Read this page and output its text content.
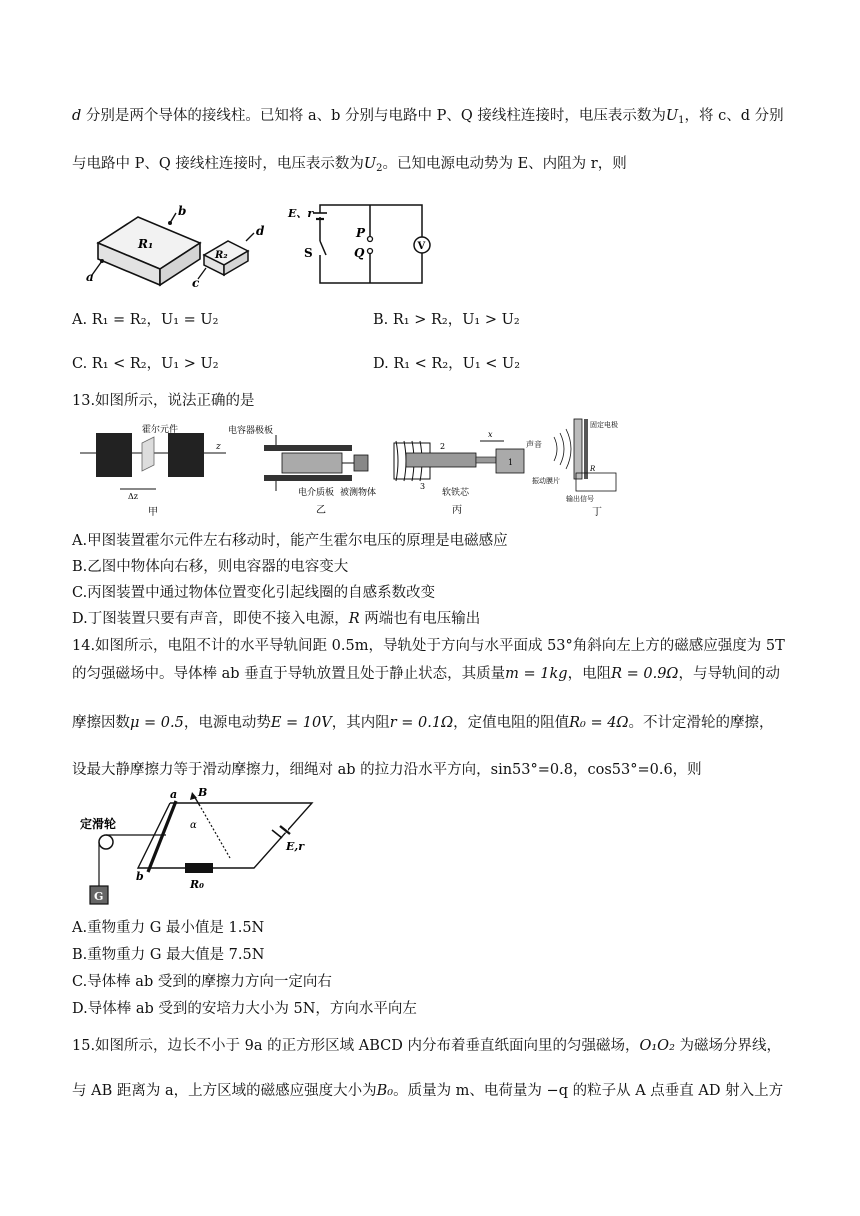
d 分别是两个导体的接线柱。已知将 a、b 分别与电路中 P、Q 接线柱连接时，电压表示数为$U_1$，将 c、d 分别
与电路中 P、Q 接线柱连接时，电压表示数为$U_2$。已知电源电动势为 E、内阻为 r，则
R₁
a
b
R₂
c
d
E、r
S
P
Q	V
A. R₁ = R₂，U₁ = U₂	B. R₁ > R₂，U₁ > U₂
C. R₁ < R₂，U₁ > U₂	D. R₁ < R₂，U₁ < U₂
13.如图所示，说法正确的是
霍尔元件
z
Δz
甲
电容器极板
电介质板 被测物体
乙
1
2
3
x
软铁芯
丙
声音
固定电极
振动膜片
R
输出信号
丁
A.甲图装置霍尔元件左右移动时，能产生霍尔电压的原理是电磁感应
B.乙图中物体向右移，则电容器的电容变大
C.丙图装置中通过物体位置变化引起线圈的自感系数改变
D.丁图装置只要有声音，即使不接入电源，R 两端也有电压输出
14.如图所示，电阻不计的水平导轨间距 0.5m，导轨处于方向与水平面成 53°角斜向左上方的磁感应强度为 5T
的匀强磁场中。导体棒 ab 垂直于导轨放置且处于静止状态，其质量m = 1kg，电阻R = 0.9Ω，与导轨间的动
摩擦因数μ = 0.5，电源电动势E = 10V，其内阻r = 0.1Ω，定值电阻的阻值R₀ = 4Ω。不计定滑轮的摩擦，
设最大静摩擦力等于滑动摩擦力，细绳对 ab 的拉力沿水平方向，sin53°=0.8，cos53°=0.6，则
定滑轮
G
a
b
B
α
R₀
E,r
A.重物重力 G 最小值是 1.5N
B.重物重力 G 最大值是 7.5N
C.导体棒 ab 受到的摩擦力方向一定向右
D.导体棒 ab 受到的安培力大小为 5N，方向水平向左
15.如图所示，边长不小于 9a 的正方形区域 ABCD 内分布着垂直纸面向里的匀强磁场，O₁O₂ 为磁场分界线，
与 AB 距离为 a，上方区域的磁感应强度大小为B₀。质量为 m、电荷量为 −q 的粒子从 A 点垂直 AD 射入上方
